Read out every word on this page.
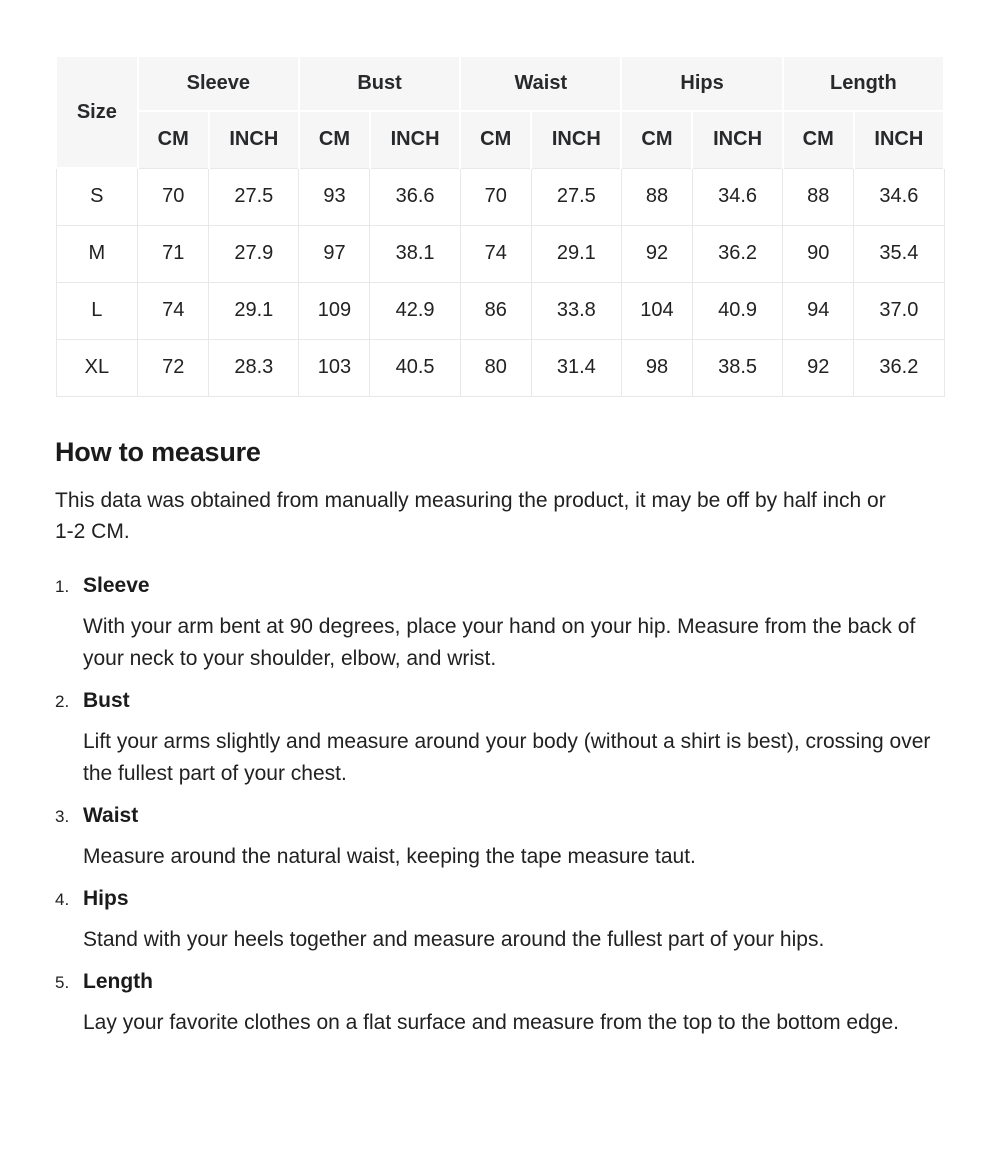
Size	Sleeve		Bust		Waist		Hips		Length	
	CM	INCH	CM	INCH	CM	INCH	CM	INCH	CM	INCH
S	70	27.5	93	36.6	70	27.5	88	34.6	88	34.6
M	71	27.9	97	38.1	74	29.1	92	36.2	90	35.4
L	74	29.1	109	42.9	86	33.8	104	40.9	94	37.0
XL	72	28.3	103	40.5	80	31.4	98	38.5	92	36.2
How to measure

This data was obtained from manually measuring the product, it may be off by half inch or 1-2 CM.

1. Sleeve

With your arm bent at 90 degrees, place your hand on your hip. Measure from the back of your neck to your shoulder, elbow, and wrist.

2. Bust

Lift your arms slightly and measure around your body (without a shirt is best), crossing over the fullest part of your chest.

3. Waist

Measure around the natural waist, keeping the tape measure taut.

4. Hips

Stand with your heels together and measure around the fullest part of your hips.

5. Length

Lay your favorite clothes on a flat surface and measure from the top to the bottom edge.
